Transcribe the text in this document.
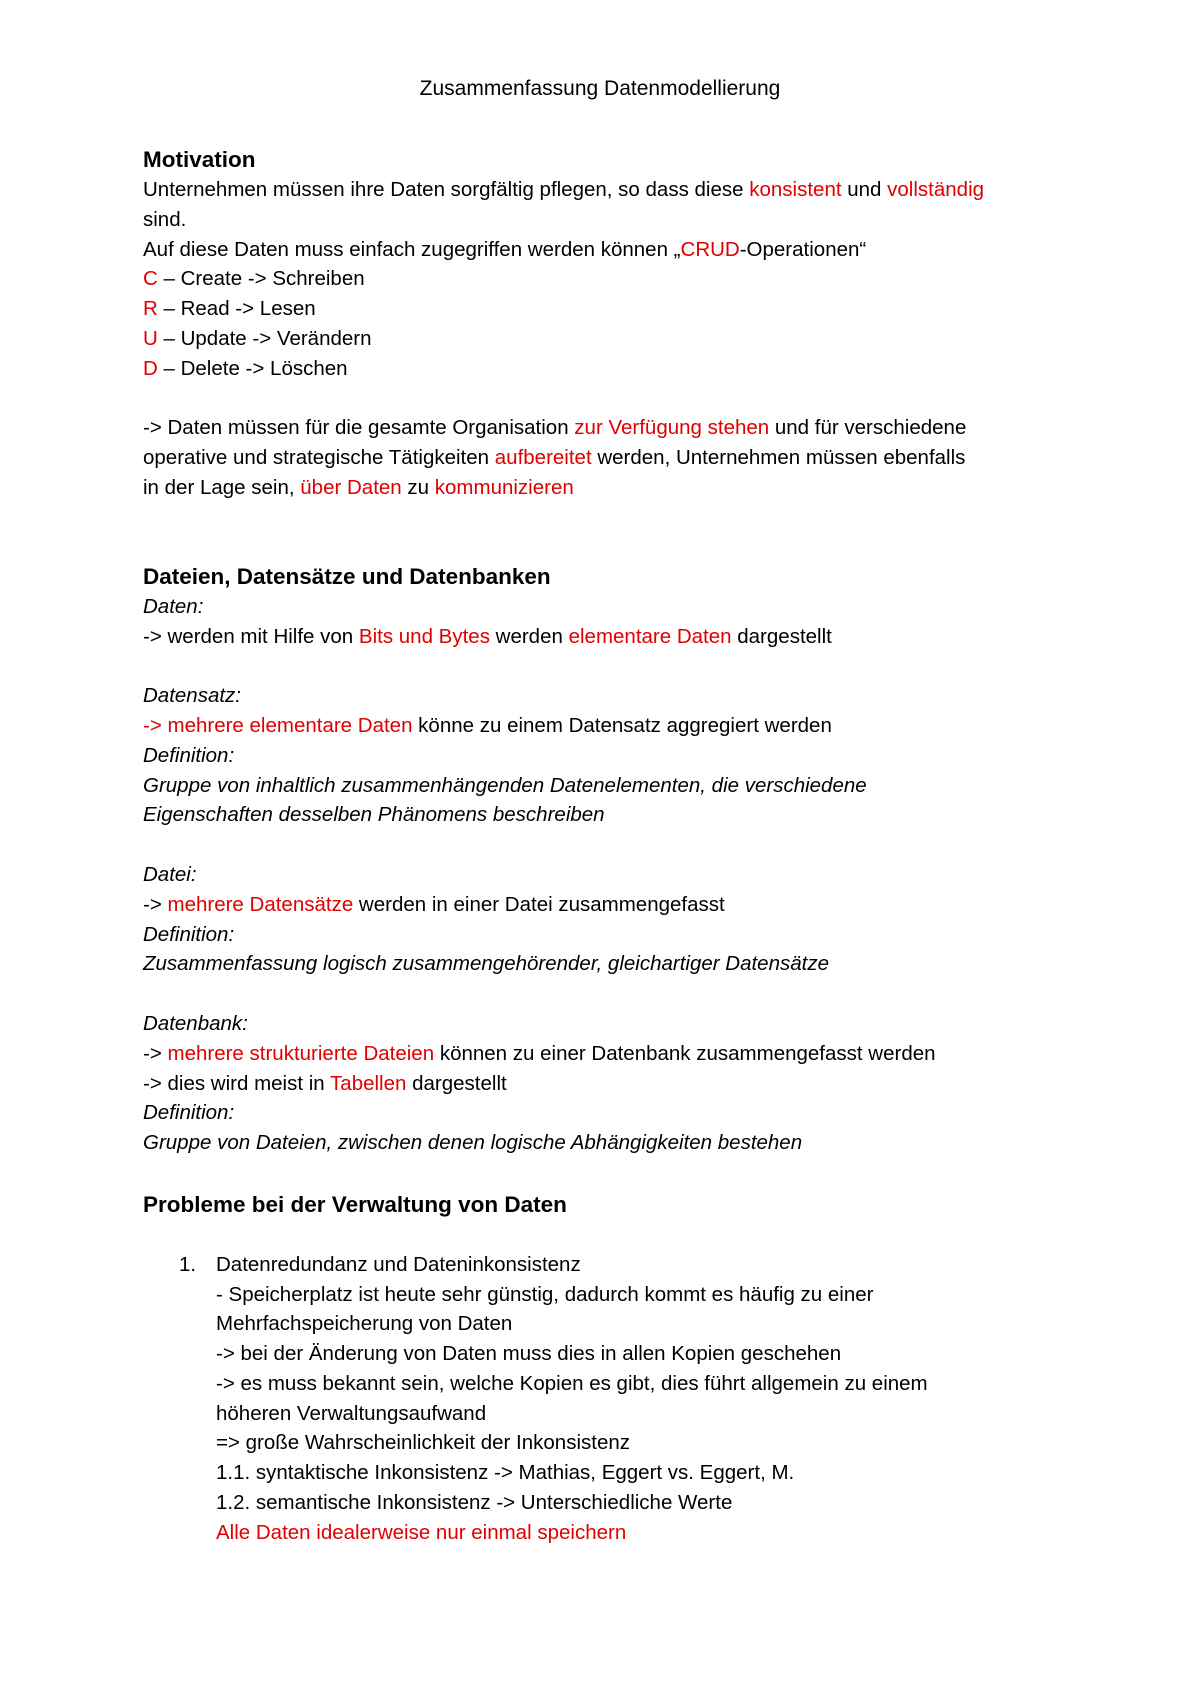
Zusammenfassung Datenmodellierung
Motivation
Unternehmen müssen ihre Daten sorgfältig pflegen, so dass diese konsistent und vollständig
sind.
Auf diese Daten muss einfach zugegriffen werden können „CRUD-Operationen“
C – Create -> Schreiben
R – Read -> Lesen
U – Update -> Verändern
D – Delete -> Löschen
-> Daten müssen für die gesamte Organisation zur Verfügung stehen und für verschiedene
operative und strategische Tätigkeiten aufbereitet werden, Unternehmen müssen ebenfalls
in der Lage sein, über Daten zu kommunizieren
Dateien, Datensätze und Datenbanken
Daten:
-> werden mit Hilfe von Bits und Bytes werden elementare Daten dargestellt
Datensatz:
-> mehrere elementare Daten könne zu einem Datensatz aggregiert werden
Definition:
Gruppe von inhaltlich zusammenhängenden Datenelementen, die verschiedene
Eigenschaften desselben Phänomens beschreiben
Datei:
-> mehrere Datensätze werden in einer Datei zusammengefasst
Definition:
Zusammenfassung logisch zusammengehörender, gleichartiger Datensätze
Datenbank:
-> mehrere strukturierte Dateien können zu einer Datenbank zusammengefasst werden
-> dies wird meist in Tabellen dargestellt
Definition:
Gruppe von Dateien, zwischen denen logische Abhängigkeiten bestehen
Probleme bei der Verwaltung von Daten
1. Datenredundanz und Dateninkonsistenz
- Speicherplatz ist heute sehr günstig, dadurch kommt es häufig zu einer
Mehrfachspeicherung von Daten
-> bei der Änderung von Daten muss dies in allen Kopien geschehen
-> es muss bekannt sein, welche Kopien es gibt, dies führt allgemein zu einem
höheren Verwaltungsaufwand
=> große Wahrscheinlichkeit der Inkonsistenz
1.1. syntaktische Inkonsistenz -> Mathias, Eggert vs. Eggert, M.
1.2. semantische Inkonsistenz -> Unterschiedliche Werte
Alle Daten idealerweise nur einmal speichern
